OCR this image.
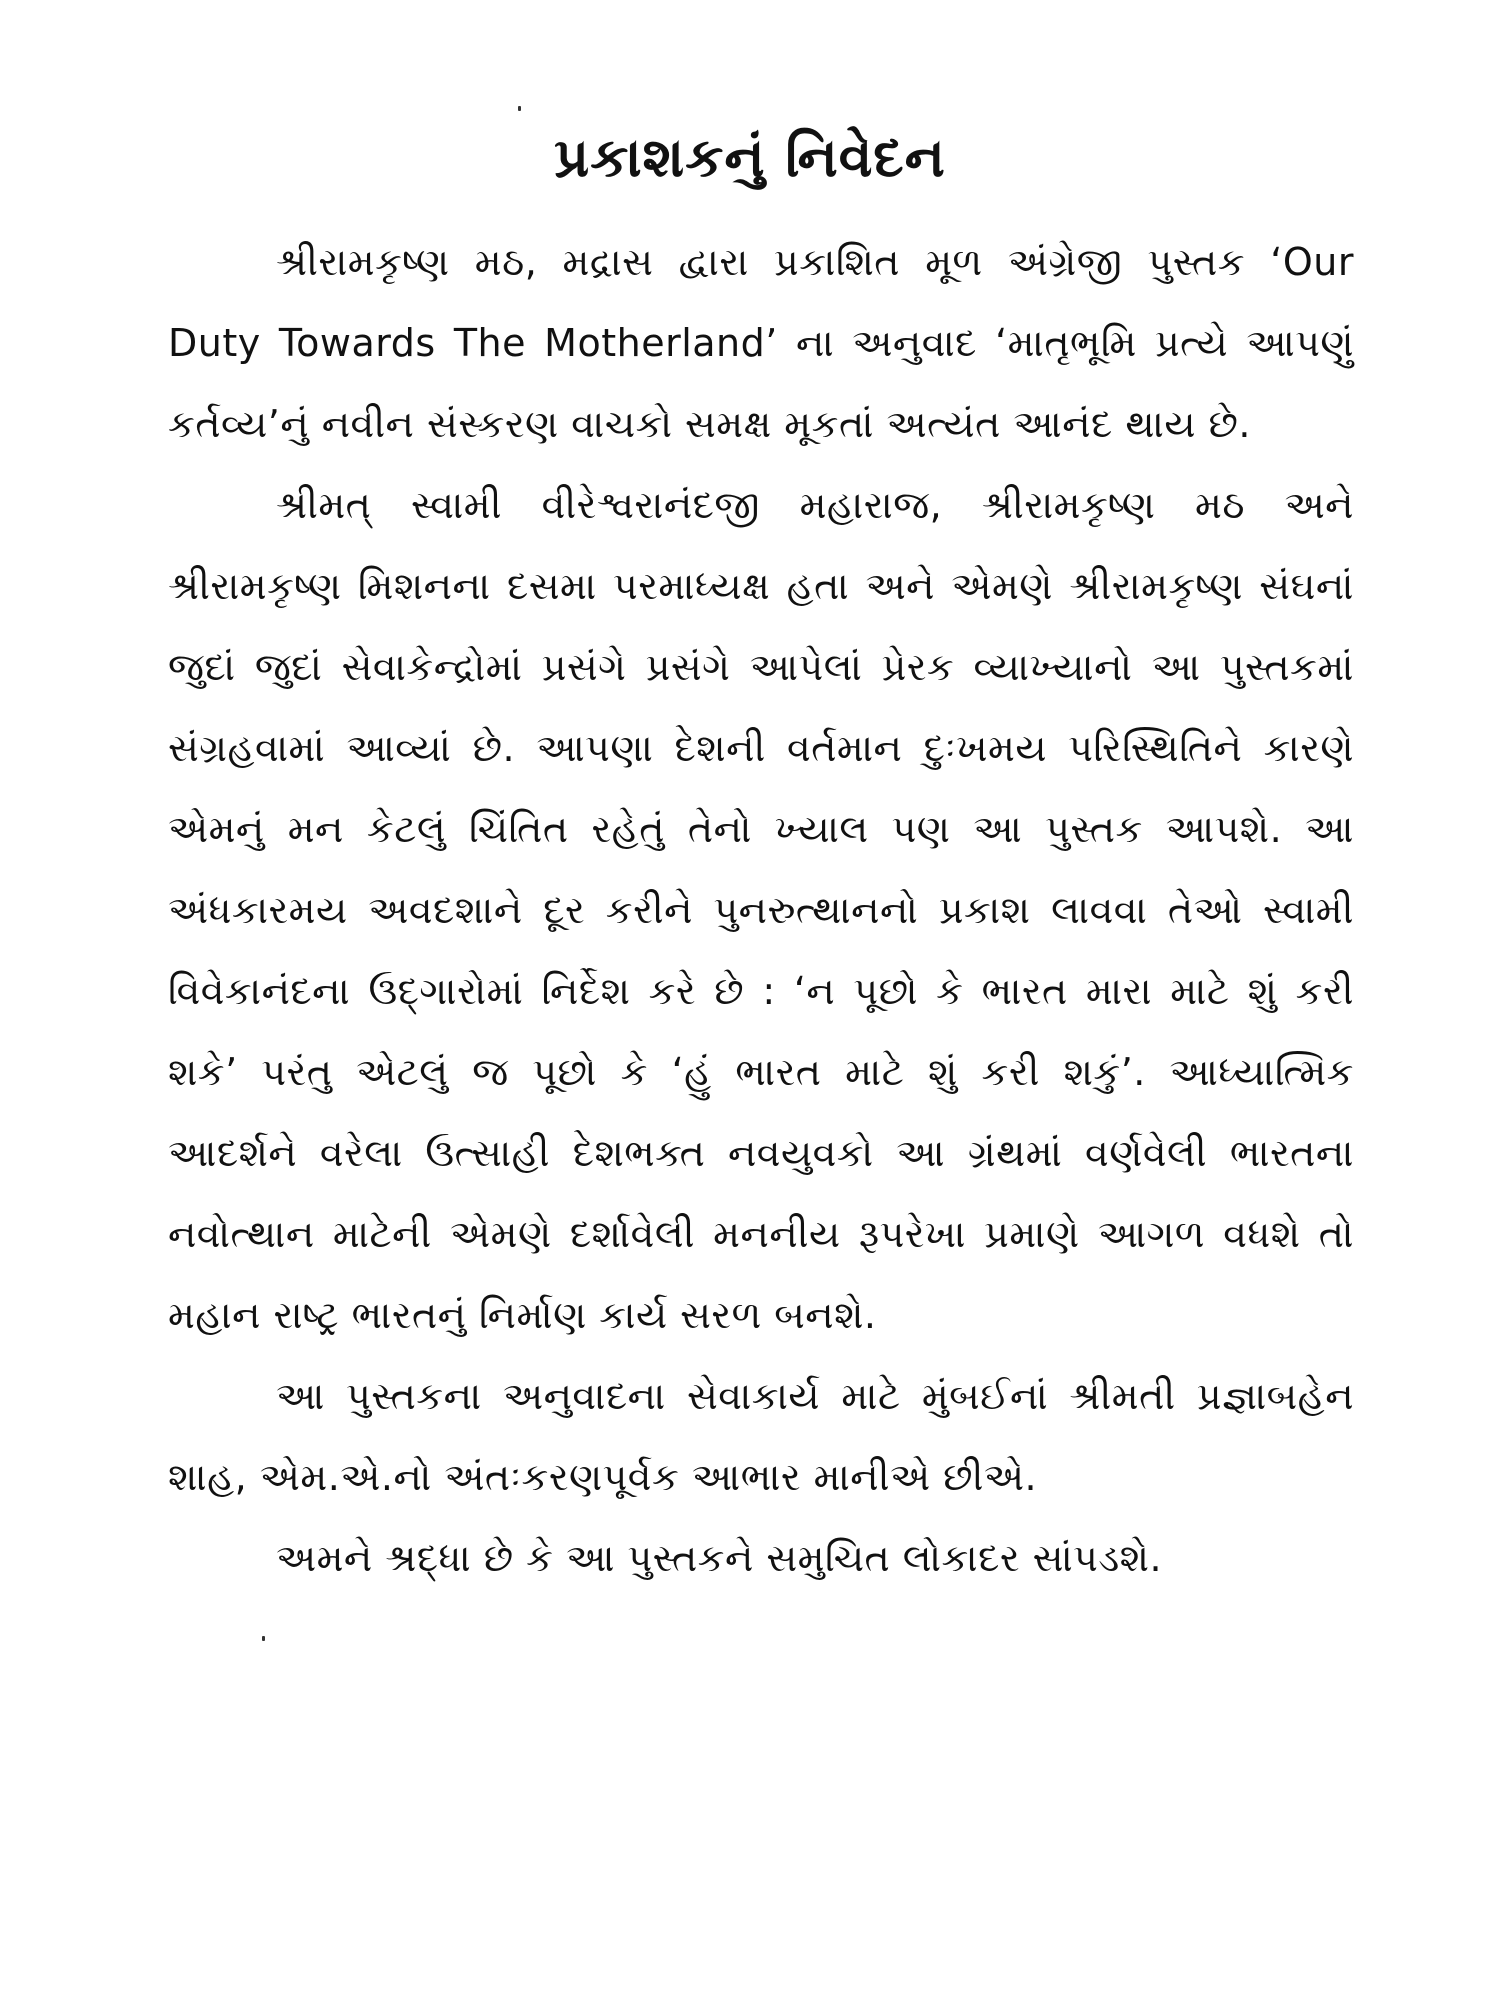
પ્રકાશકનું નિવેદન

શ્રીરામકૃષ્ણ મઠ, મદ્રાસ દ્વારા પ્રકાશિત મૂળ અંગ્રેજી પુસ્તક ‘Our Duty Towards The Motherland’ ના અનુવાદ ‘માતૃભૂમિ પ્રત્યે આપણું કર્તવ્ય’નું નવીન સંસ્કરણ વાચકો સમક્ષ મૂકતાં અત્યંત આનંદ થાય છે.

શ્રીમત્ સ્વામી વીરેશ્વરાનંદજી મહારાજ, શ્રીરામકૃષ્ણ મઠ અને શ્રીરામકૃષ્ણ મિશનના દસમા પરમાધ્યક્ષ હતા અને એમણે શ્રીરામકૃષ્ણ સંઘનાં જુદાં જુદાં સેવાકેન્દ્રોમાં પ્રસંગે પ્રસંગે આપેલાં પ્રેરક વ્યાખ્યાનો આ પુસ્તકમાં સંગ્રહવામાં આવ્યાં છે. આપણા દેશની વર્તમાન દુઃખમય પરિસ્થિતિને કારણે એમનું મન કેટલું ચિંતિત રહેતું તેનો ખ્યાલ પણ આ પુસ્તક આપશે. આ અંધકારમય અવદશાને દૂર કરીને પુનરુત્થાનનો પ્રકાશ લાવવા તેઓ સ્વામી વિવેકાનંદના ઉદ્ગારોમાં નિર્દેશ કરે છે : ‘ન પૂછો કે ભારત મારા માટે શું કરી શકે’ પરંતુ એટલું જ પૂછો કે ‘હું ભારત માટે શું કરી શકું’. આધ્યાત્મિક આદર્શને વરેલા ઉત્સાહી દેશભક્ત નવયુવકો આ ગ્રંથમાં વર્ણવેલી ભારતના નવોત્થાન માટેની એમણે દર્શાવેલી મનનીય રૂપરેખા પ્રમાણે આગળ વધશે તો મહાન રાષ્ટ્ર ભારતનું નિર્માણ કાર્ય સરળ બનશે.

આ પુસ્તકના અનુવાદના સેવાકાર્ય માટે મુંબઈનાં શ્રીમતી પ્રજ્ઞાબહેન શાહ, એમ.એ.નો અંતઃકરણપૂર્વક આભાર માનીએ છીએ.

અમને શ્રદ્ધા છે કે આ પુસ્તકને સમુચિત લોકાદર સાંપડશે.
